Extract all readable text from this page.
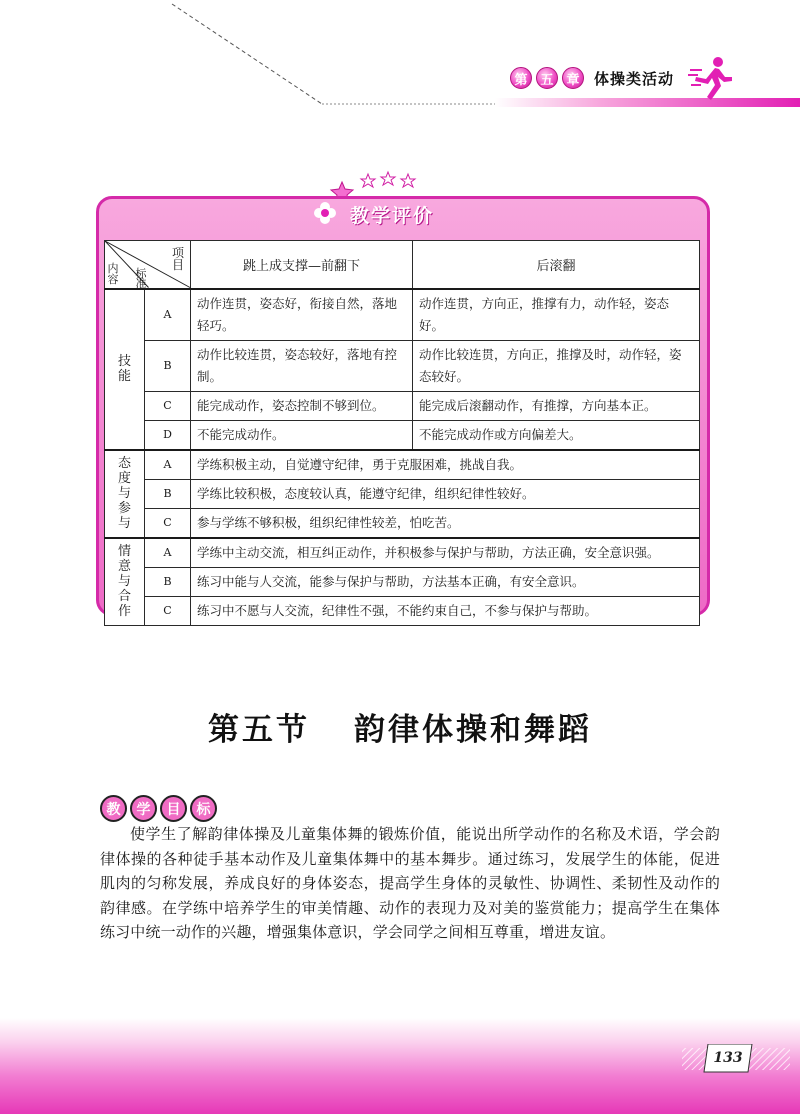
第 五 章 体操类活动
教学评价
项目
标准
内容		跳上成支撑—前翻下	后滚翻
技能	A	动作连贯，姿态好，衔接自然，落地轻巧。	动作连贯，方向正，推撑有力，动作轻，姿态好。
	B	动作比较连贯，姿态较好，落地有控制。	动作比较连贯，方向正，推撑及时，动作轻，姿态较好。
	C	能完成动作，姿态控制不够到位。	能完成后滚翻动作，有推撑，方向基本正。
	D	不能完成动作。	不能完成动作或方向偏差大。
态度与参与	A	学练积极主动，自觉遵守纪律，勇于克服困难，挑战自我。	
	B	学练比较积极，态度较认真，能遵守纪律，组织纪律性较好。	
	C	参与学练不够积极，组织纪律性较差，怕吃苦。	
情意与合作	A	学练中主动交流，相互纠正动作，并积极参与保护与帮助，方法正确，安全意识强。	
	B	练习中能与人交流，能参与保护与帮助，方法基本正确，有安全意识。	
	C	练习中不愿与人交流，纪律性不强，不能约束自己，不参与保护与帮助。	
第五节 韵律体操和舞蹈
教	学	目	标

使学生了解韵律体操及儿童集体舞的锻炼价值，能说出所学动作的名称及术语，学会韵律体操的各种徒手基本动作及儿童集体舞中的基本舞步。通过练习，发展学生的体能，促进肌肉的匀称发展，养成良好的身体姿态，提高学生身体的灵敏性、协调性、柔韧性及动作的韵律感。在学练中培养学生的审美情趣、动作的表现力及对美的鉴赏能力；提高学生在集体练习中统一动作的兴趣，增强集体意识，学会同学之间相互尊重，增进友谊。

133
